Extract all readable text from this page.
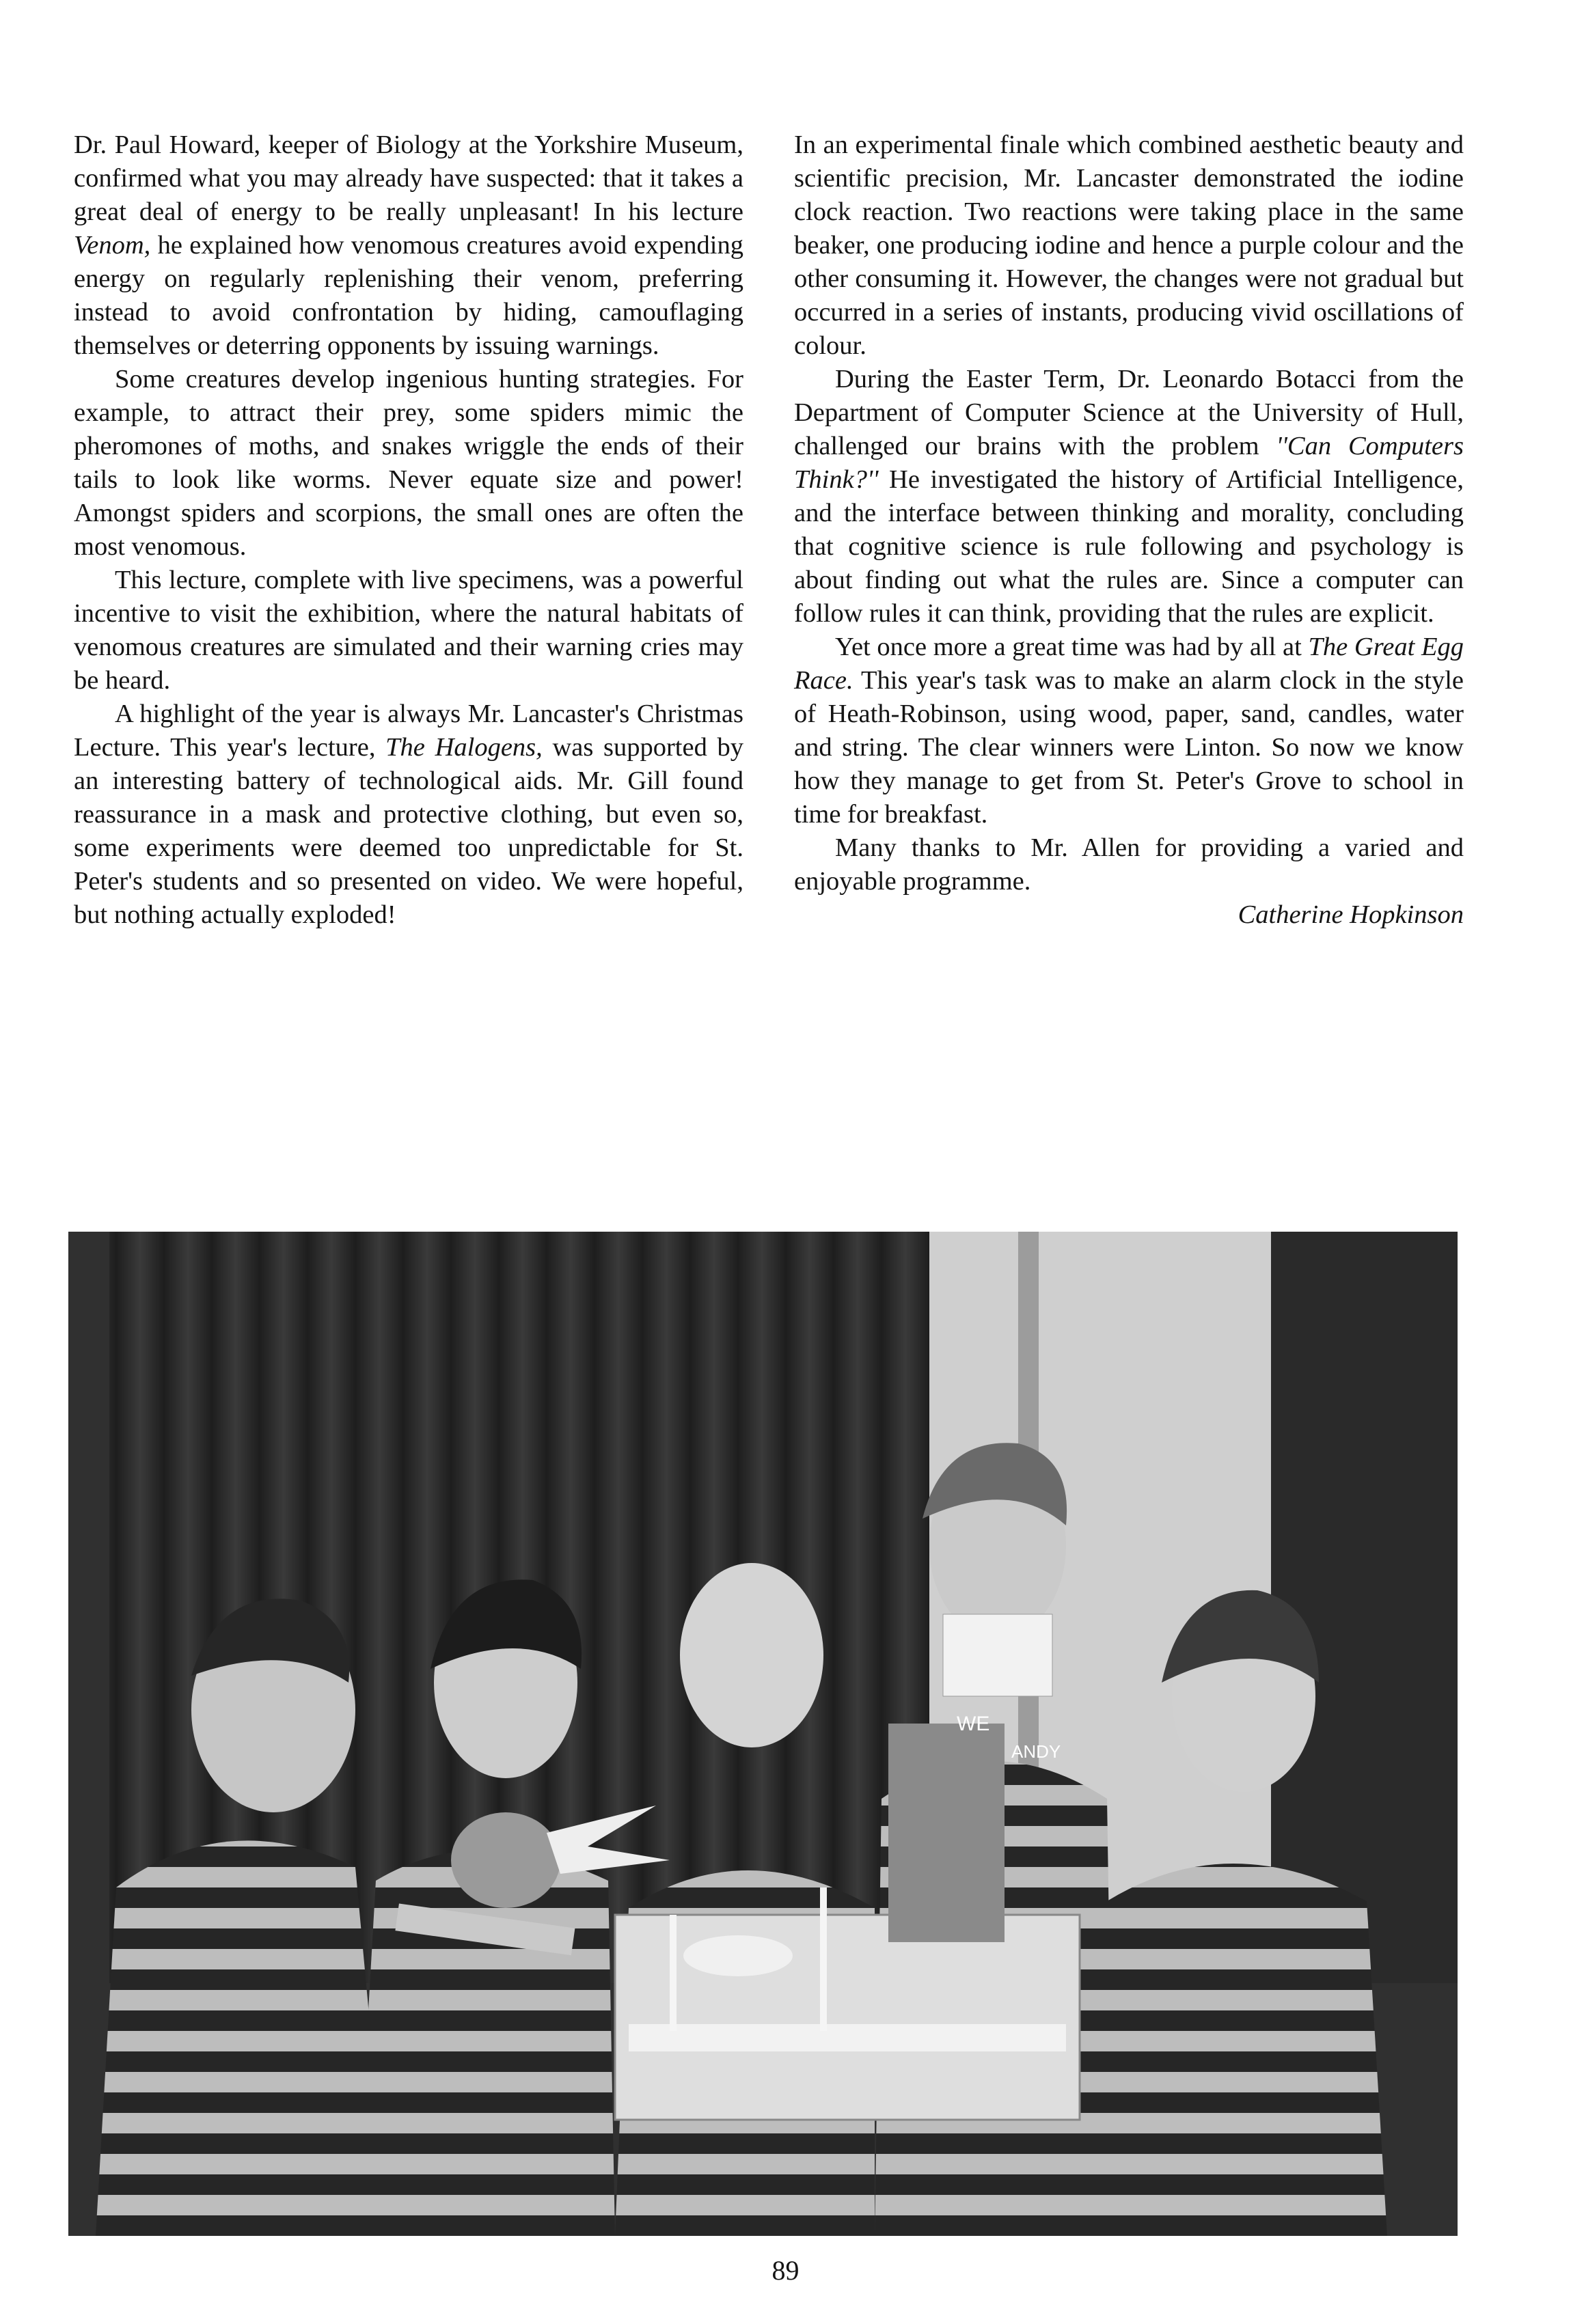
Dr. Paul Howard, keeper of Biology at the Yorkshire Museum, confirmed what you may already have suspected: that it takes a great deal of energy to be really unpleasant! In his lecture Venom, he explained how venomous creatures avoid expending energy on regularly replenishing their venom, preferring instead to avoid confrontation by hiding, camouflaging themselves or deterring opponents by issuing warnings.

Some creatures develop ingenious hunting strategies. For example, to attract their prey, some spiders mimic the pheromones of moths, and snakes wriggle the ends of their tails to look like worms. Never equate size and power! Amongst spiders and scorpions, the small ones are often the most venomous.

This lecture, complete with live specimens, was a powerful incentive to visit the exhibition, where the natural habitats of venomous creatures are simulated and their warning cries may be heard.

A highlight of the year is always Mr. Lancaster's Christmas Lecture. This year's lecture, The Halogens, was supported by an interesting battery of technological aids. Mr. Gill found reassurance in a mask and protective clothing, but even so, some experiments were deemed too unpredictable for St. Peter's students and so presented on video. We were hopeful, but nothing actually exploded!

In an experimental finale which combined aesthetic beauty and scientific precision, Mr. Lancaster demonstrated the iodine clock reaction. Two reactions were taking place in the same beaker, one producing iodine and hence a purple colour and the other consuming it. However, the changes were not gradual but occurred in a series of instants, producing vivid oscillations of colour.

During the Easter Term, Dr. Leonardo Botacci from the Department of Computer Science at the University of Hull, challenged our brains with the problem ''Can Computers Think?'' He investigated the history of Artificial Intelligence, and the interface between thinking and morality, concluding that cognitive science is rule following and psychology is about finding out what the rules are. Since a computer can follow rules it can think, providing that the rules are explicit.

Yet once more a great time was had by all at The Great Egg Race. This year's task was to make an alarm clock in the style of Heath-Robinson, using wood, paper, sand, candles, water and string. The clear winners were Linton. So now we know how they manage to get from St. Peter's Grove to school in time for breakfast.

Many thanks to Mr. Allen for providing a varied and enjoyable programme.

Catherine Hopkinson

WE
ANDY
89
